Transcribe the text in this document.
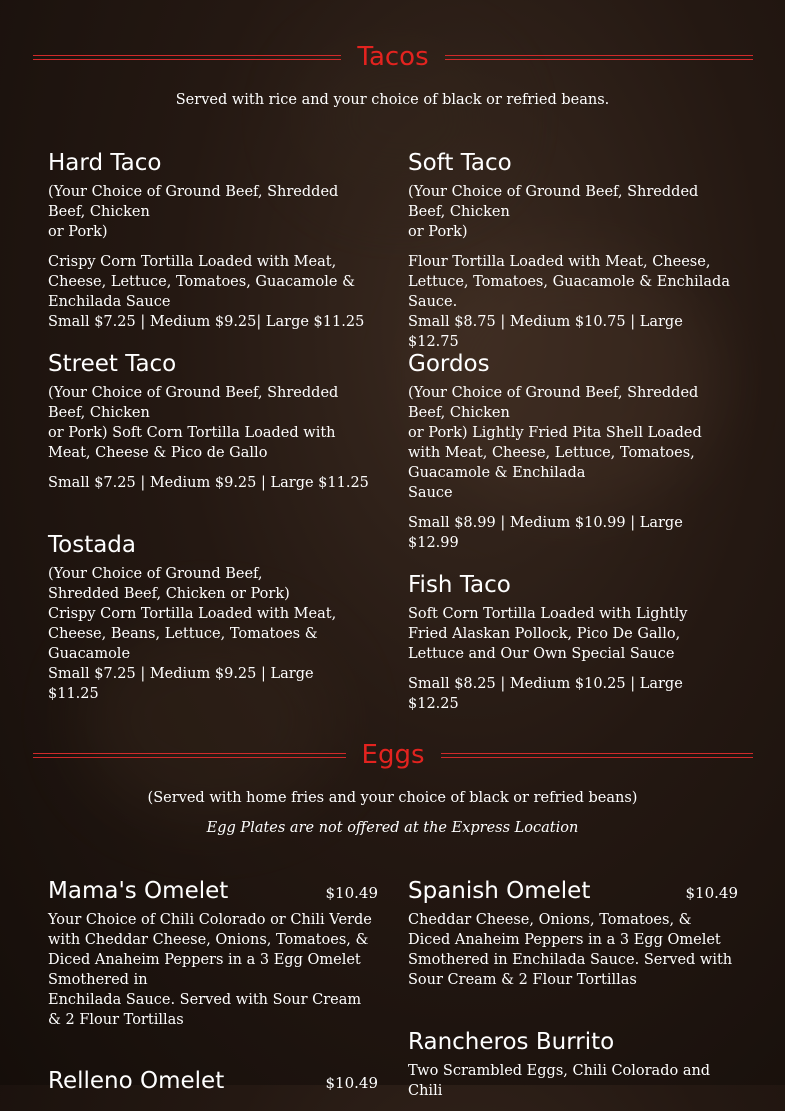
Tacos
Served with rice and your choice of black or refried beans.
Hard Taco

(Your Choice of Ground Beef, Shredded Beef, Chicken
or Pork)

Crispy Corn Tortilla Loaded with Meat, Cheese, Lettuce, Tomatoes, Guacamole & Enchilada Sauce

Small $7.25 | Medium $9.25| Large $11.25

Soft Taco

(Your Choice of Ground Beef, Shredded Beef, Chicken
or Pork)

Flour Tortilla Loaded with Meat, Cheese, Lettuce, Tomatoes, Guacamole & Enchilada Sauce.

Small $8.75 | Medium $10.75 | Large $12.75

Street Taco

(Your Choice of Ground Beef, Shredded Beef, Chicken
or Pork) Soft Corn Tortilla Loaded with Meat, Cheese & Pico de Gallo

Small $7.25 | Medium $9.25 | Large $11.25

Gordos

(Your Choice of Ground Beef, Shredded Beef, Chicken
or Pork) Lightly Fried Pita Shell Loaded with Meat, Cheese, Lettuce, Tomatoes, Guacamole & Enchilada
Sauce

Small $8.99 | Medium $10.99 | Large $12.99

Tostada

(Your Choice of Ground Beef, Shredded Beef, Chicken or Pork) Crispy Corn Tortilla Loaded with Meat, Cheese, Beans, Lettuce, Tomatoes & Guacamole

Small $7.25 | Medium $9.25 | Large $11.25

Fish Taco

Soft Corn Tortilla Loaded with Lightly Fried Alaskan Pollock, Pico De Gallo, Lettuce and Our Own Special Sauce

Small $8.25 | Medium $10.25 | Large $12.25

Eggs
(Served with home fries and your choice of black or refried beans)
Egg Plates are not offered at the Express Location
Mama's Omelet	$10.49

Your Choice of Chili Colorado or Chili Verde with Cheddar Cheese, Onions, Tomatoes, & Diced Anaheim Peppers in a 3 Egg Omelet Smothered in
Enchilada Sauce. Served with Sour Cream & 2 Flour Tortillas

Spanish Omelet	$10.49

Cheddar Cheese, Onions, Tomatoes, &
Diced Anaheim Peppers in a 3 Egg Omelet Smothered in Enchilada Sauce. Served with Sour Cream & 2 Flour Tortillas

Rancheros Burrito

Two Scrambled Eggs, Chili Colorado and Chili

Relleno Omelet	$10.49
